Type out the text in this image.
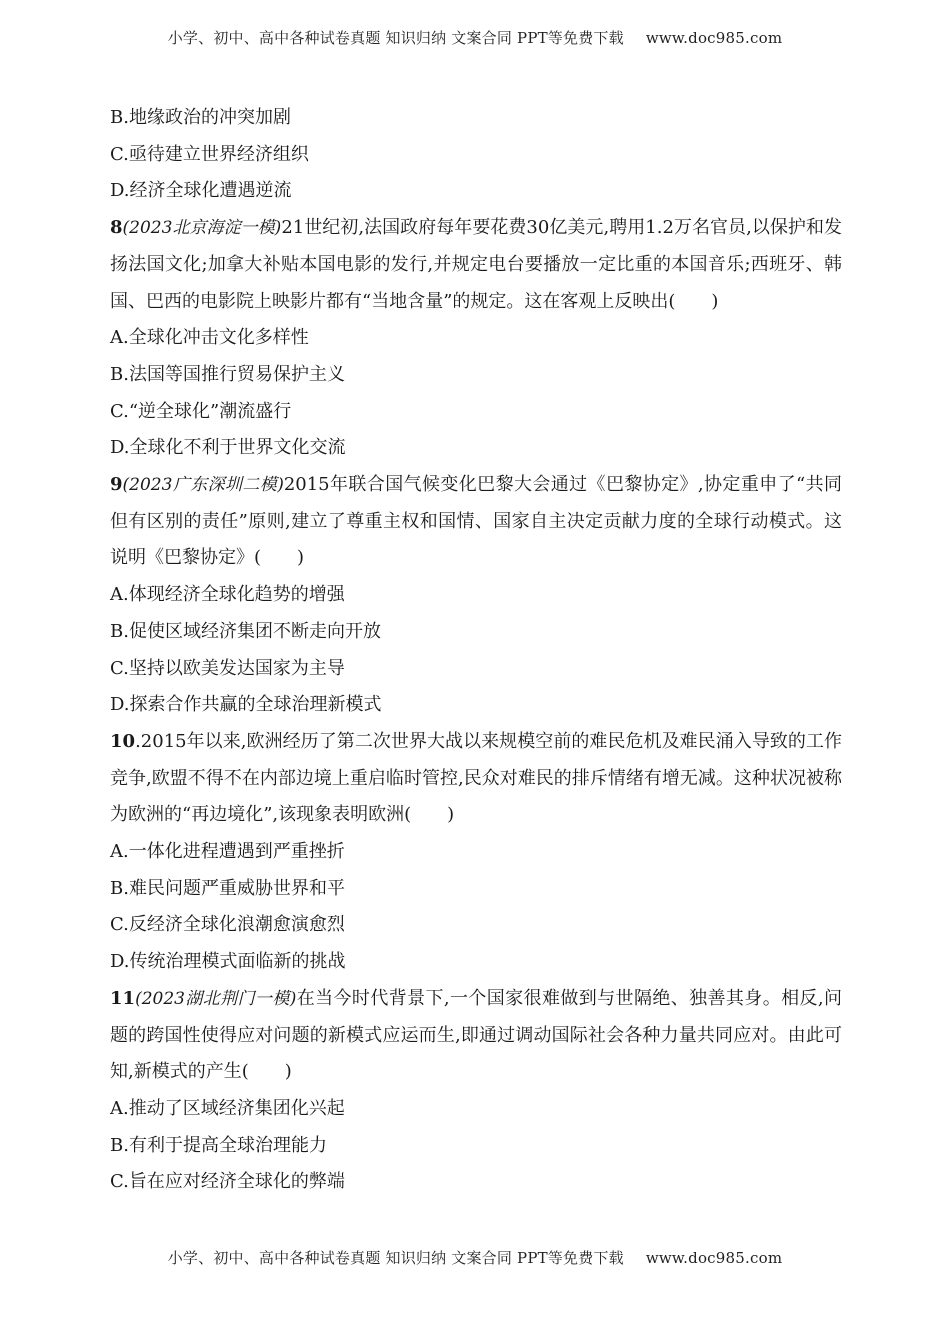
小学、初中、高中各种试卷真题 知识归纳 文案合同 PPT等免费下载 www.doc985.com
B.地缘政治的冲突加剧
C.亟待建立世界经济组织
D.经济全球化遭遇逆流
8(2023北京海淀一模)21世纪初,法国政府每年要花费30亿美元,聘用1.2万名官员,以保护和发扬法国文化;加拿大补贴本国电影的发行,并规定电台要播放一定比重的本国音乐;西班牙、韩国、巴西的电影院上映影片都有“当地含量”的规定。这在客观上反映出(　　)
A.全球化冲击文化多样性
B.法国等国推行贸易保护主义
C.“逆全球化”潮流盛行
D.全球化不利于世界文化交流
9(2023广东深圳二模)2015年联合国气候变化巴黎大会通过《巴黎协定》,协定重申了“共同但有区别的责任”原则,建立了尊重主权和国情、国家自主决定贡献力度的全球行动模式。这说明《巴黎协定》(　　)
A.体现经济全球化趋势的增强
B.促使区域经济集团不断走向开放
C.坚持以欧美发达国家为主导
D.探索合作共赢的全球治理新模式
10.2015年以来,欧洲经历了第二次世界大战以来规模空前的难民危机及难民涌入导致的工作竞争,欧盟不得不在内部边境上重启临时管控,民众对难民的排斥情绪有增无减。这种状况被称为欧洲的“再边境化”,该现象表明欧洲(　　)
A.一体化进程遭遇到严重挫折
B.难民问题严重威胁世界和平
C.反经济全球化浪潮愈演愈烈
D.传统治理模式面临新的挑战
11(2023湖北荆门一模)在当今时代背景下,一个国家很难做到与世隔绝、独善其身。相反,问题的跨国性使得应对问题的新模式应运而生,即通过调动国际社会各种力量共同应对。由此可知,新模式的产生(　　)
A.推动了区域经济集团化兴起
B.有利于提高全球治理能力
C.旨在应对经济全球化的弊端
小学、初中、高中各种试卷真题 知识归纳 文案合同 PPT等免费下载 www.doc985.com
